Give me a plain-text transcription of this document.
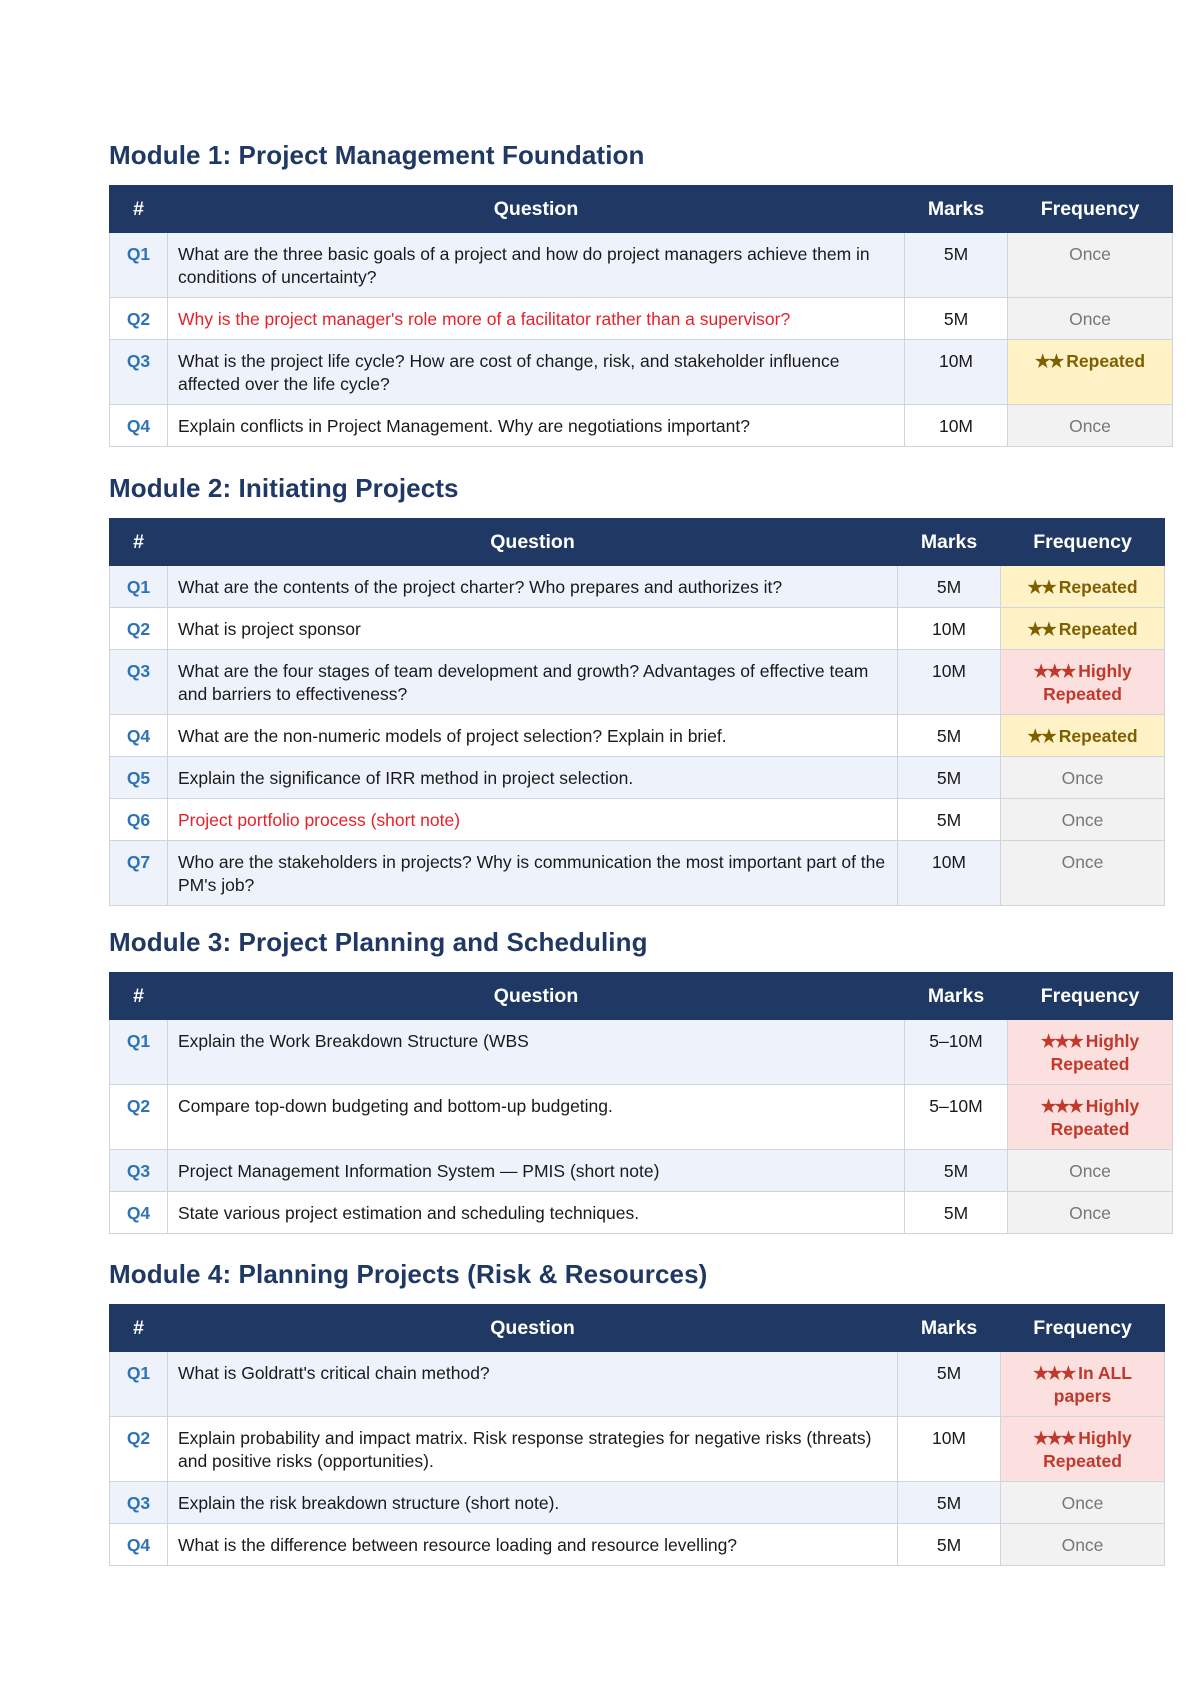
Module 1: Project Management Foundation
#	Question	Marks	Frequency
Q1	What are the three basic goals of a project and how do project managers achieve them in conditions of uncertainty?	5M	Once
Q2	Why is the project manager's role more of a facilitator rather than a supervisor?	5M	Once
Q3	What is the project life cycle? How are cost of change, risk, and stakeholder influence affected over the life cycle?	10M	★★ Repeated
Q4	Explain conflicts in Project Management. Why are negotiations important?	10M	Once
Module 2: Initiating Projects
#	Question	Marks	Frequency
Q1	What are the contents of the project charter? Who prepares and authorizes it?	5M	★★ Repeated
Q2	What is project sponsor	10M	★★ Repeated
Q3	What are the four stages of team development and growth? Advantages of effective team and barriers to effectiveness?	10M	★★★ Highly Repeated
Q4	What are the non-numeric models of project selection? Explain in brief.	5M	★★ Repeated
Q5	Explain the significance of IRR method in project selection.	5M	Once
Q6	Project portfolio process (short note)	5M	Once
Q7	Who are the stakeholders in projects? Why is communication the most important part of the PM's job?	10M	Once
Module 3: Project Planning and Scheduling
#	Question	Marks	Frequency
Q1	Explain the Work Breakdown Structure (WBS	5–10M	★★★ Highly Repeated
Q2	Compare top-down budgeting and bottom-up budgeting.	5–10M	★★★ Highly Repeated
Q3	Project Management Information System — PMIS (short note)	5M	Once
Q4	State various project estimation and scheduling techniques.	5M	Once
Module 4: Planning Projects (Risk & Resources)
#	Question	Marks	Frequency
Q1	What is Goldratt's critical chain method?	5M	★★★ In ALL papers
Q2	Explain probability and impact matrix. Risk response strategies for negative risks (threats) and positive risks (opportunities).	10M	★★★ Highly Repeated
Q3	Explain the risk breakdown structure (short note).	5M	Once
Q4	What is the difference between resource loading and resource levelling?	5M	Once
